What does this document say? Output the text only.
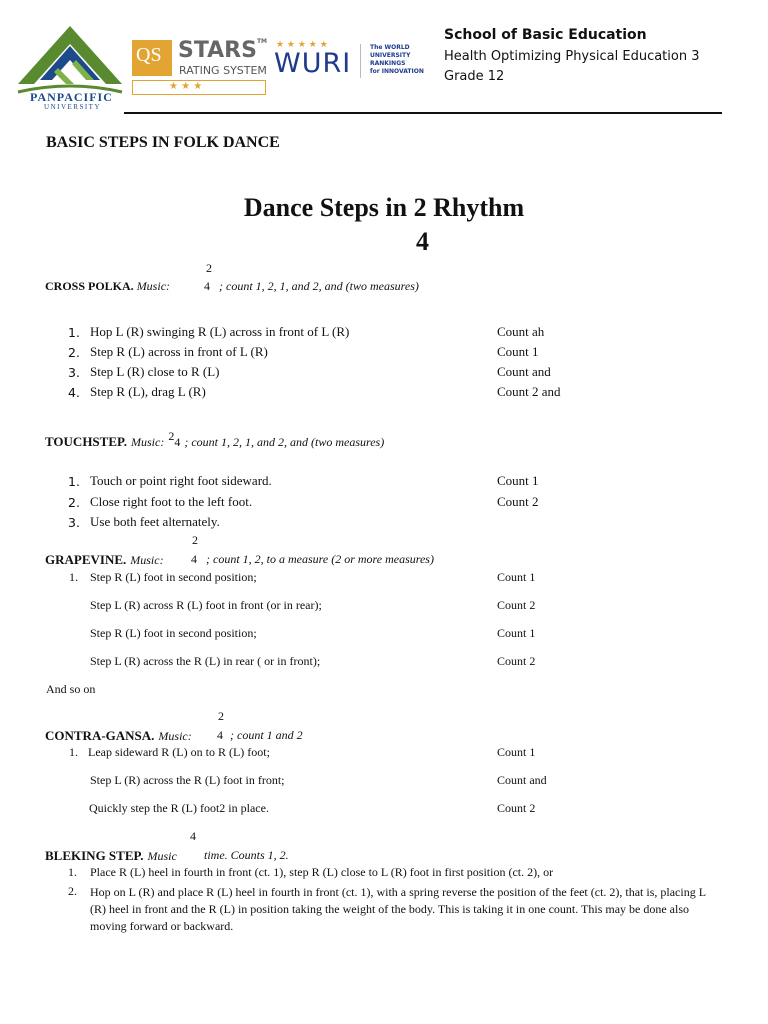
PANPACIFIC
UNIVERSITY
QS STARS™
RATING SYSTEM
★ ★ ★
★ ★ ★ ★ ★
WURI
The WORLD
UNIVERSITY
RANKINGS
for INNOVATION
School of Basic Education
Health Optimizing Physical Education 3
Grade 12
BASIC STEPS IN FOLK DANCE
Dance Steps in 2 Rhythm
4
2
CROSS POLKA. Music:	4 ; count 1, 2, 1, and 2, and (two measures)
1. Hop L (R) swinging R (L) across in front of L (R)	Count ah
2. Step R (L) across in front of L (R)	Count 1
3. Step L (R) close to R (L)	Count and
4. Step R (L), drag L (R)	Count 2 and
TOUCHSTEP. Music: $^2$4 ; count 1, 2, 1, and 2, and (two measures)
1. Touch or point right foot sideward.	Count 1
2. Close right foot to the left foot.	Count 2
3. Use both feet alternately.
2
GRAPEVINE. Music: 4 ; count 1, 2, to a measure (2 or more measures)
1. Step R (L) foot in second position;	Count 1
Step L (R) across R (L) foot in front (or in rear);	Count 2
Step R (L) foot in second position;	Count 1
Step L (R) across the R (L) in rear ( or in front);	Count 2
And so on
2
CONTRA-GANSA. Music: 4 ; count 1 and 2
1. Leap sideward R (L) on to R (L) foot;	Count 1
Step L (R) across the R (L) foot in front;	Count and
Quickly step the R (L) foot2 in place.	Count 2
4
BLEKING STEP. Music time. Counts 1, 2.
1. Place R (L) heel in fourth in front (ct. 1), step R (L) close to L (R) foot in first position (ct. 2), or
2. Hop on L (R) and place R (L) heel in fourth in front (ct. 1), with a spring reverse the position of the feet (ct. 2), that is, placing L (R) heel in front and the R (L) in position taking the weight of the body. This is taking it in one count. This may be done also moving forward or backward.
